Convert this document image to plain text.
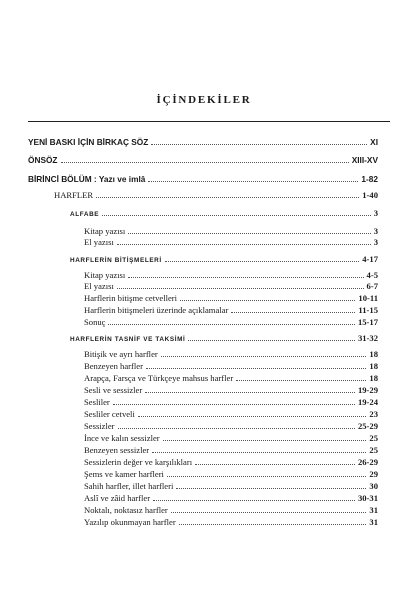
İÇİNDEKİLER
YENİ BASKI İÇİN BİRKAÇ SÖZ	XI
ÖNSÖZ	XIII-XV
BİRİNCİ BÖLÜM : Yazı ve imlâ	1-82
HARFLER	1-40
ALFABE	3
Kitap yazısı	3
El yazısı	3
HARFLERİN BİTİŞMELERİ	4-17
Kitap yazısı	4-5
El yazısı	6-7
Harflerin bitişme cetvelleri	10-11
Harflerin bitişmeleri üzerinde açıklamalar	11-15
Sonuç	15-17
HARFLERİN TASNİF VE TAKSİMİ	31-32
Bitişik ve ayrı harfler	18
Benzeyen harfler	18
Arapça, Farsça ve Türkçeye mahsus harfler	18
Sesli ve sessizler	19-29
Sesliler	19-24
Sesliler cetveli	23
Sessizler	25-29
İnce ve kalın sessizler	25
Benzeyen sessizler	25
Sessizlerin değer ve karşılıkları	26-29
Şems ve kamer harfleri	29
Sahih harfler, illet harfleri	30
Aslî ve zâid harfler	30-31
Noktalı, noktasız harfler	31
Yazılıp okunmayan harfler	31
